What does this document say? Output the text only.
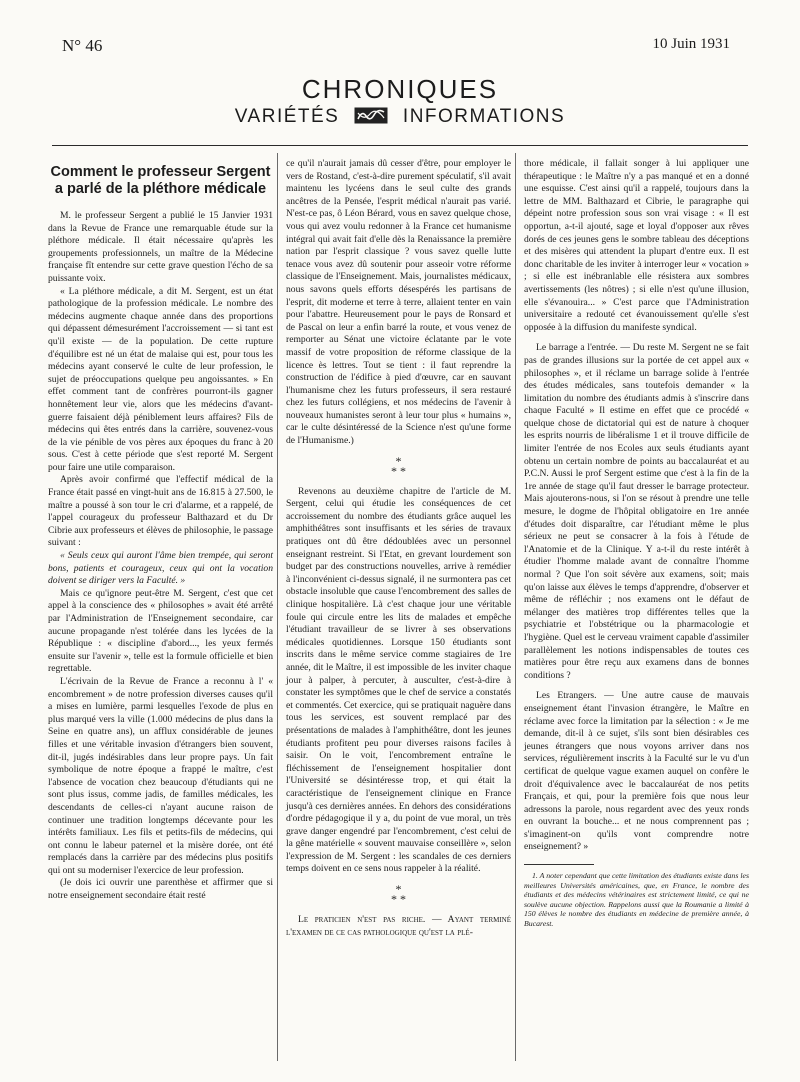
N° 46	10 Juin 1931
CHRONIQUES
VARIÉTÉS	INFORMATIONS
Comment le professeur Sergent a parlé de la pléthore médicale

M. le professeur Sergent a publié le 15 Janvier 1931 dans la Revue de France une remarquable étude sur la pléthore médicale. Il était nécessaire qu'après les groupements professionnels, un maître de la Médecine française fît entendre sur cette grave question l'écho de sa puissante voix.

« La pléthore médicale, a dit M. Sergent, est un état pathologique de la profession médicale. Le nombre des médecins augmente chaque année dans des proportions qui dépassent démesurément l'accroissement — si tant est qu'il existe — de la population. De cette rupture d'équilibre est né un état de malaise qui est, pour tous les médecins ayant conservé le culte de leur profession, le sujet de préoccupations quelque peu angoissantes. » En effet comment tant de confrères pourront-ils gagner honnêtement leur vie, alors que les médecins d'avant-guerre faisaient déjà péniblement leurs affaires? Fils de médecins qui êtes entrés dans la carrière, souvenez-vous de la vie pénible de vos pères aux époques du franc à 20 sous. C'est à cette période que s'est reporté M. Sergent pour faire une utile comparaison.

Après avoir confirmé que l'effectif médical de la France était passé en vingt-huit ans de 16.815 à 27.500, le maître a poussé à son tour le cri d'alarme, et a rappelé, de l'appel courageux du professeur Balthazard et du Dr Cibrie aux professeurs et élèves de philosophie, le passage suivant :

« Seuls ceux qui auront l'âme bien trempée, qui seront bons, patients et courageux, ceux qui ont la vocation doivent se diriger vers la Faculté. »

Mais ce qu'ignore peut-être M. Sergent, c'est que cet appel à la conscience des « philosophes » avait été arrêté par l'Administration de l'Enseignement secondaire, car aucune propagande n'est tolérée dans les lycées de la République : « discipline d'abord..., les yeux fermés ensuite sur l'avenir », telle est la formule officielle et bien regrettable.

L'écrivain de la Revue de France a reconnu à l' « encombrement » de notre profession diverses causes qu'il a mises en lumière, parmi lesquelles l'exode de plus en plus marqué vers la ville (1.000 médecins de plus dans la Seine en quatre ans), un afflux considérable de jeunes filles et une véritable invasion d'étrangers bien souvent, dit-il, jugés indésirables dans leur propre pays. Un fait symbolique de notre époque a frappé le maître, c'est l'absence de vocation chez beaucoup d'étudiants qui ne sont plus issus, comme jadis, de familles médicales, les descendants de celles-ci n'ayant aucune raison de continuer une tradition longtemps décevante pour les intérêts familiaux. Les fils et petits-fils de médecins, qui ont connu le labeur paternel et la misère dorée, ont été remplacés dans la carrière par des médecins plus positifs qui ont su moderniser l'exercice de leur profession.

(Je dois ici ouvrir une parenthèse et affirmer que si notre enseignement secondaire était resté

ce qu'il n'aurait jamais dû cesser d'être, pour employer le vers de Rostand, c'est-à-dire purement spéculatif, s'il avait maintenu les lycéens dans le seul culte des grands ancêtres de la Pensée, l'esprit médical n'aurait pas varié. N'est-ce pas, ô Léon Bérard, vous en savez quelque chose, vous qui avez voulu redonner à la France cet humanisme intégral qui avait fait d'elle dès la Renaissance la première nation par l'esprit classique ? vous savez quelle lutte tenace vous avez dû soutenir pour asseoir votre réforme classique de l'Enseignement. Mais, journalistes médicaux, nous savons quels efforts désespérés les partisans de l'esprit, dit moderne et terre à terre, allaient tenter en vain pour l'abattre. Heureusement pour le pays de Ronsard et de Pascal on leur a enfin barré la route, et vous venez de remporter au Sénat une victoire éclatante par le vote massif de votre proposition de réforme classique de la licence ès lettres. Tout se tient : il faut reprendre la construction de l'édifice à pied d'œuvre, car en sauvant l'humanisme chez les futurs professeurs, il sera restauré chez les futurs collégiens, et nos médecins de l'avenir à nouveaux humanistes seront à leur tour plus « humains », car le culte désintéressé de la Science n'est qu'une forme de l'Humanisme.)

*
* *

Revenons au deuxième chapitre de l'article de M. Sergent, celui qui étudie les conséquences de cet accroissement du nombre des étudiants grâce auquel les amphithéâtres sont insuffisants et les séries de travaux pratiques ont dû être dédoublées avec un personnel enseignant restreint. Si l'Etat, en grevant lourdement son budget par des constructions nouvelles, arrive à remédier à l'inconvénient ci-dessus signalé, il ne surmontera pas cet obstacle insoluble que cause l'encombrement des salles de clinique hospitalière. Là c'est chaque jour une véritable foule qui circule entre les lits de malades et empêche l'étudiant travailleur de se livrer à ses observations médicales quotidiennes. Lorsque 150 étudiants sont inscrits dans le même service comme stagiaires de 1re année, dit le Maître, il est impossible de les inviter chaque jour à palper, à percuter, à ausculter, c'est-à-dire à constater les symptômes que le chef de service a constatés et commentés. Cet exercice, qui se pratiquait naguère dans tous les services, est souvent remplacé par des présentations de malades à l'amphithéâtre, dont les jeunes étudiants profitent peu pour diverses raisons faciles à saisir. On le voit, l'encombrement entraîne le fléchissement de l'enseignement hospitalier dont l'Université se désintéresse trop, et qui était la caractéristique de l'enseignement clinique en France jusqu'à ces dernières années. En dehors des considérations d'ordre pédagogique il y a, du point de vue moral, un très grave danger engendré par l'encombrement, c'est celui de la gêne matérielle « souvent mauvaise conseillère », selon l'expression de M. Sergent : les scandales de ces derniers temps doivent en ce sens nous rappeler à la réalité.

*
* *

Le praticien n'est pas riche. — Ayant terminé l'examen de ce cas pathologique qu'est la plé-

thore médicale, il fallait songer à lui appliquer une thérapeutique : le Maître n'y a pas manqué et en a donné une esquisse. C'est ainsi qu'il a rappelé, toujours dans la lettre de MM. Balthazard et Cibrie, le paragraphe qui dépeint notre profession sous son vrai visage : « Il est opportun, a-t-il ajouté, sage et loyal d'opposer aux rêves dorés de ces jeunes gens le sombre tableau des déceptions et des misères qui attendent la plupart d'entre eux. Il est donc charitable de les inviter à interroger leur « vocation » ; si elle est inébranlable elle résistera aux sombres avertissements (les nôtres) ; si elle n'est qu'une illusion, elle s'évanouira... » C'est parce que l'Administration universitaire a redouté cet évanouissement qu'elle s'est opposée à la diffusion du manifeste syndical.

Le barrage a l'entrée. — Du reste M. Sergent ne se fait pas de grandes illusions sur la portée de cet appel aux « philosophes », et il réclame un barrage solide à l'entrée des études médicales, sans toutefois demander « la limitation du nombre des étudiants admis à s'inscrire dans chaque Faculté » Il estime en effet que ce procédé « quelque chose de dictatorial qui est de nature à choquer les esprits nourris de libéralisme 1 et il trouve difficile de limiter l'entrée de nos Ecoles aux seuls étudiants ayant obtenu un certain nombre de points au baccalauréat et au P.C.N. Aussi le prof Sergent estime que c'est à la fin de la 1re année de stage qu'il faut dresser le barrage protecteur. Mais ajouterons-nous, si l'on se résout à prendre une telle mesure, le dogme de l'hôpital obligatoire en 1re année d'études doit disparaître, car l'étudiant même le plus sérieux ne peut se consacrer à la fois à l'étude de l'Anatomie et de la Clinique. Y a-t-il du reste intérêt à étudier l'homme malade avant de connaître l'homme normal ? Que l'on soit sévère aux examens, soit; mais qu'on laisse aux élèves le temps d'apprendre, d'observer et même de réfléchir ; nos examens ont le défaut de mélanger des matières trop différentes telles que la psychiatrie et l'obstétrique ou la pharmacologie et l'hygiène. Quel est le cerveau vraiment capable d'assimiler parallèlement les notions indispensables de toutes ces matières pour être reçu aux examens dans de bonnes conditions ?

Les Etrangers. — Une autre cause de mauvais enseignement étant l'invasion étrangère, le Maître en réclame avec force la limitation par la sélection : « Je me demande, dit-il à ce sujet, s'ils sont bien désirables ces jeunes étrangers que nous voyons arriver dans nos services, régulièrement inscrits à la Faculté sur le vu d'un certificat de quelque vague examen auquel on confère le droit d'équivalence avec le baccalauréat de nos petits Français, et qui, pour la première fois que nous leur adressons la parole, nous regardent avec des yeux ronds en ouvrant la bouche... et ne nous comprennent pas ; s'imaginent-on qu'ils vont comprendre notre enseignement? »

1. A noter cependant que cette limitation des étudiants existe dans les meilleures Universités américaines, que, en France, le nombre des étudiants et des médecins vétérinaires est strictement limité, ce qui ne soulève aucune objection. Rappelons aussi que la Roumanie a limité à 150 élèves le nombre des étudiants en médecine de première année, à Bucarest.
